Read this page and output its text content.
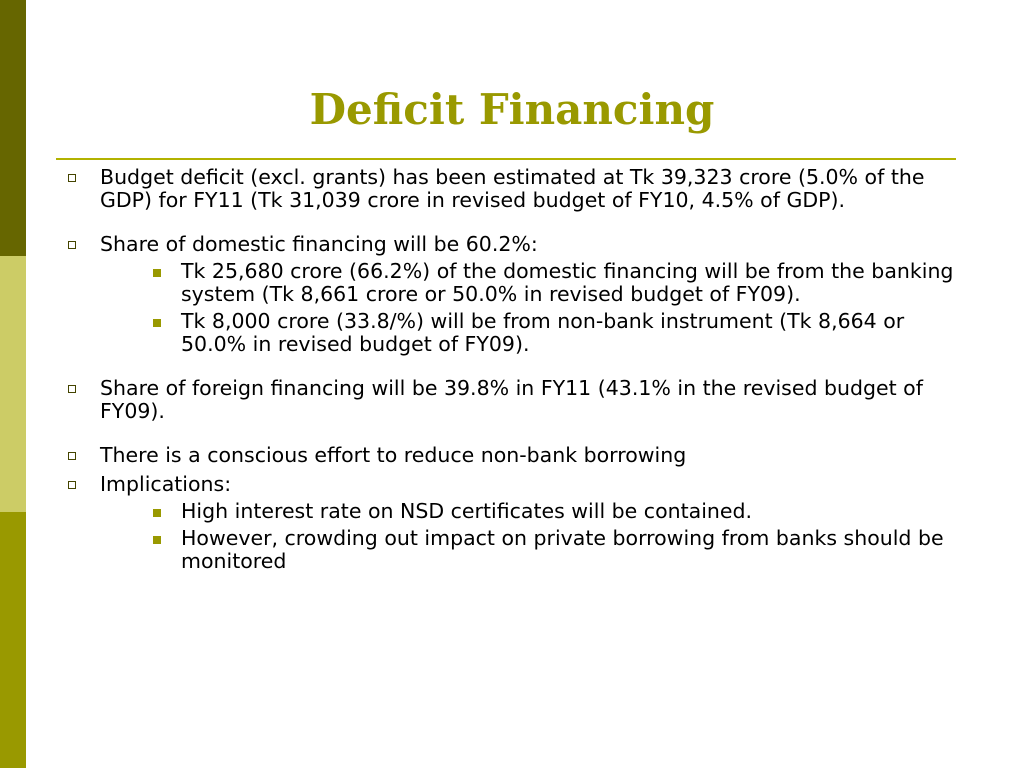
Deficit Financing
Budget deficit (excl. grants) has been estimated at Tk 39,323 crore (5.0% of the GDP) for FY11 (Tk 31,039 crore in revised budget of FY10, 4.5% of GDP).
Share of domestic financing will be 60.2%:
Tk 25,680 crore (66.2%) of the domestic financing will be from the banking system (Tk 8,661 crore or 50.0% in revised budget of FY09).
Tk 8,000 crore (33.8/%) will be from non-bank instrument (Tk 8,664 or 50.0% in revised budget of FY09).
Share of foreign financing will be 39.8% in FY11 (43.1% in the revised budget of FY09).
There is a conscious effort to reduce non-bank borrowing
Implications:
High interest rate on NSD certificates will be contained.
However, crowding out impact on private borrowing from banks should be monitored
